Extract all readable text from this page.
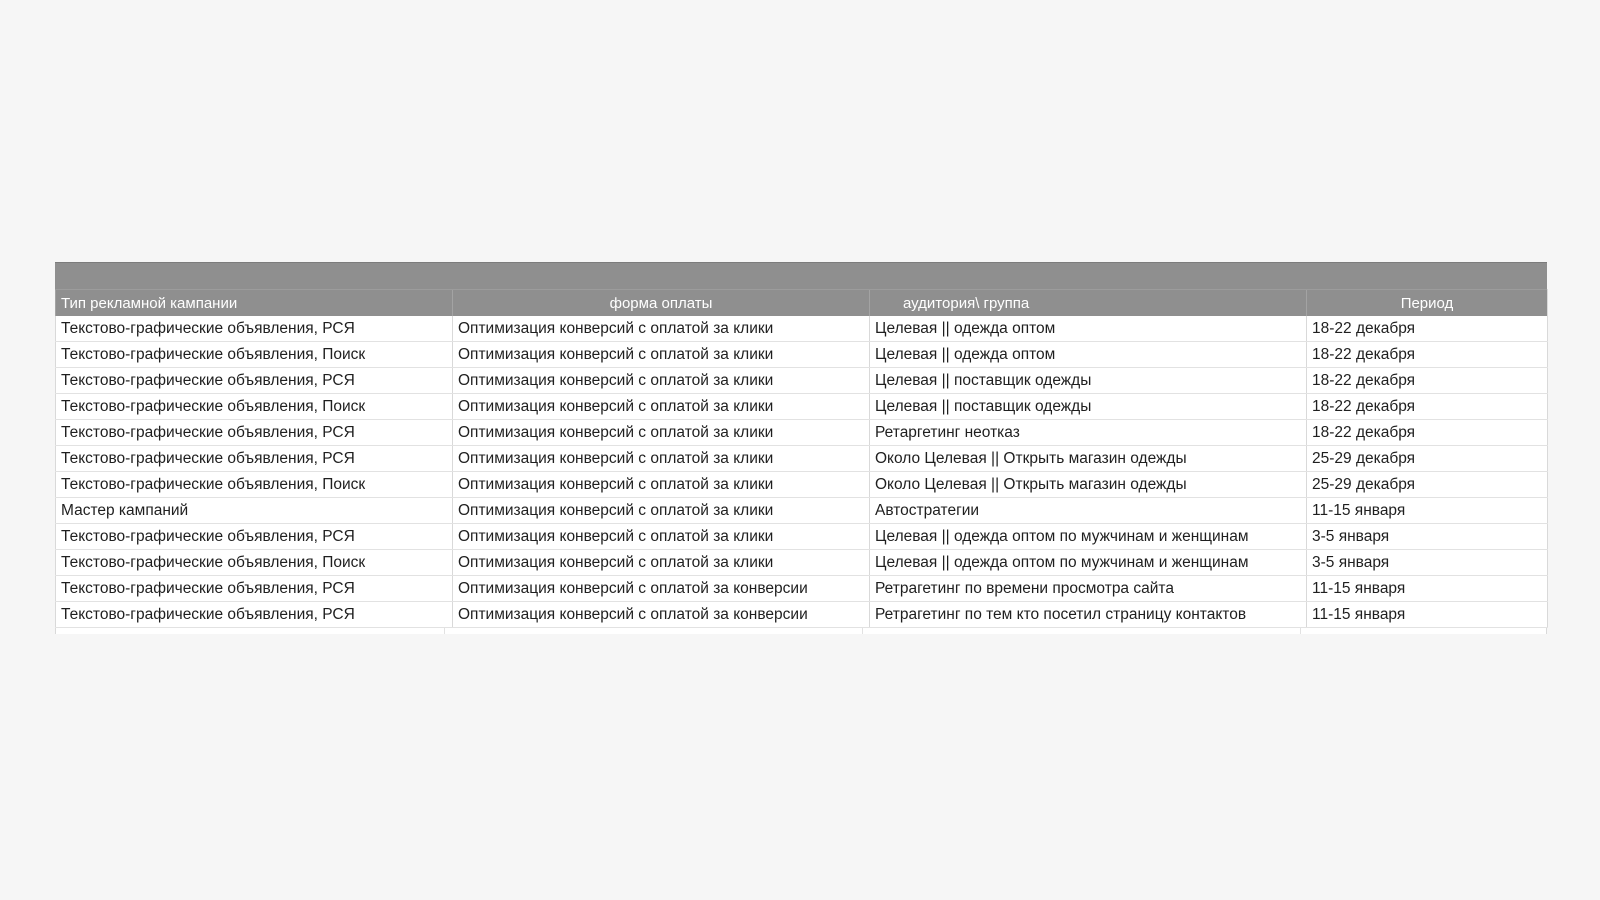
Тип рекламной кампании	форма оплаты	аудитория\ группа	Период
Текстово-графические объявления, РСЯ	Оптимизация конверсий с оплатой за клики	Целевая || одежда оптом	18-22 декабря
Текстово-графические объявления, Поиск	Оптимизация конверсий с оплатой за клики	Целевая || одежда оптом	18-22 декабря
Текстово-графические объявления, РСЯ	Оптимизация конверсий с оплатой за клики	Целевая || поставщик одежды	18-22 декабря
Текстово-графические объявления, Поиск	Оптимизация конверсий с оплатой за клики	Целевая || поставщик одежды	18-22 декабря
Текстово-графические объявления, РСЯ	Оптимизация конверсий с оплатой за клики	Ретаргетинг неотказ	18-22 декабря
Текстово-графические объявления, РСЯ	Оптимизация конверсий с оплатой за клики	Около Целевая || Открыть магазин одежды	25-29 декабря
Текстово-графические объявления, Поиск	Оптимизация конверсий с оплатой за клики	Около Целевая || Открыть магазин одежды	25-29 декабря
Мастер кампаний	Оптимизация конверсий с оплатой за клики	Автостратегии	11-15 января
Текстово-графические объявления, РСЯ	Оптимизация конверсий с оплатой за клики	Целевая || одежда оптом по мужчинам и женщинам	3-5 января
Текстово-графические объявления, Поиск	Оптимизация конверсий с оплатой за клики	Целевая || одежда оптом по мужчинам и женщинам	3-5 января
Текстово-графические объявления, РСЯ	Оптимизация конверсий с оплатой за конверсии	Ретрагетинг по времени просмотра сайта	11-15 января
Текстово-графические объявления, РСЯ	Оптимизация конверсий с оплатой за конверсии	Ретрагетинг по тем кто посетил страницу контактов	11-15 января
